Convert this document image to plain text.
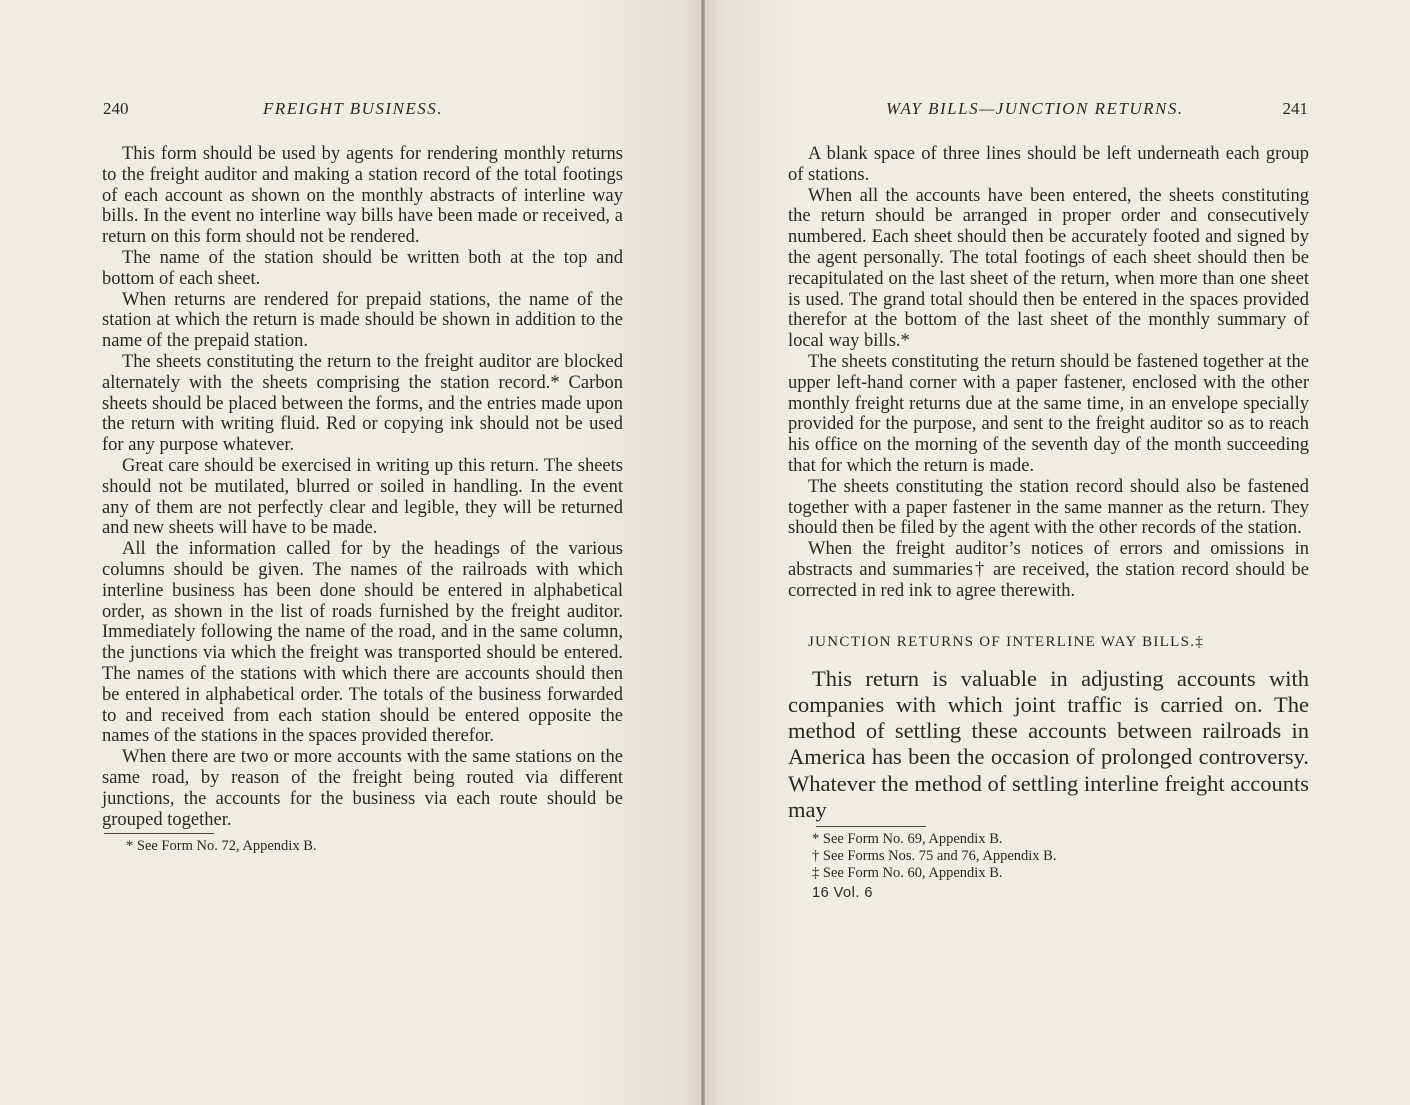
240	FREIGHT BUSINESS.

This form should be used by agents for rendering monthly returns to the freight auditor and making a station record of the total footings of each account as shown on the monthly abstracts of interline way bills. In the event no interline way bills have been made or received, a return on this form should not be rendered.

The name of the station should be written both at the top and bottom of each sheet.

When returns are rendered for prepaid stations, the name of the station at which the return is made should be shown in addition to the name of the prepaid station.

The sheets constituting the return to the freight auditor are blocked alternately with the sheets comprising the station record.* Carbon sheets should be placed between the forms, and the entries made upon the return with writing fluid. Red or copying ink should not be used for any purpose whatever.

Great care should be exercised in writing up this return. The sheets should not be mutilated, blurred or soiled in handling. In the event any of them are not perfectly clear and legible, they will be returned and new sheets will have to be made.

All the information called for by the headings of the various columns should be given. The names of the railroads with which interline business has been done should be entered in alphabetical order, as shown in the list of roads furnished by the freight auditor. Immediately following the name of the road, and in the same column, the junctions via which the freight was transported should be entered. The names of the stations with which there are accounts should then be entered in alphabetical order. The totals of the business forwarded to and received from each station should be entered opposite the names of the stations in the spaces provided therefor.

When there are two or more accounts with the same stations on the same road, by reason of the freight being routed via different junctions, the accounts for the business via each route should be grouped together.

* See Form No. 72, Appendix B.
WAY BILLS—JUNCTION RETURNS.	241

A blank space of three lines should be left underneath each group of stations.

When all the accounts have been entered, the sheets constituting the return should be arranged in proper order and consecutively numbered. Each sheet should then be accurately footed and signed by the agent personally. The total footings of each sheet should then be recapitulated on the last sheet of the return, when more than one sheet is used. The grand total should then be entered in the spaces provided therefor at the bottom of the last sheet of the monthly summary of local way bills.*

The sheets constituting the return should be fastened together at the upper left-hand corner with a paper fastener, enclosed with the other monthly freight returns due at the same time, in an envelope specially provided for the purpose, and sent to the freight auditor so as to reach his office on the morning of the seventh day of the month succeeding that for which the return is made.

The sheets constituting the station record should also be fastened together with a paper fastener in the same manner as the return. They should then be filed by the agent with the other records of the station.

When the freight auditor’s notices of errors and omissions in abstracts and summaries† are received, the station record should be corrected in red ink to agree therewith.

JUNCTION RETURNS OF INTERLINE WAY BILLS.‡

This return is valuable in adjusting accounts with companies with which joint traffic is carried on. The method of settling these accounts between railroads in America has been the occasion of prolonged controversy. Whatever the method of settling interline freight accounts may

* See Form No. 69, Appendix B.
† See Forms Nos. 75 and 76, Appendix B.
‡ See Form No. 60, Appendix B.
16 Vol. 6
